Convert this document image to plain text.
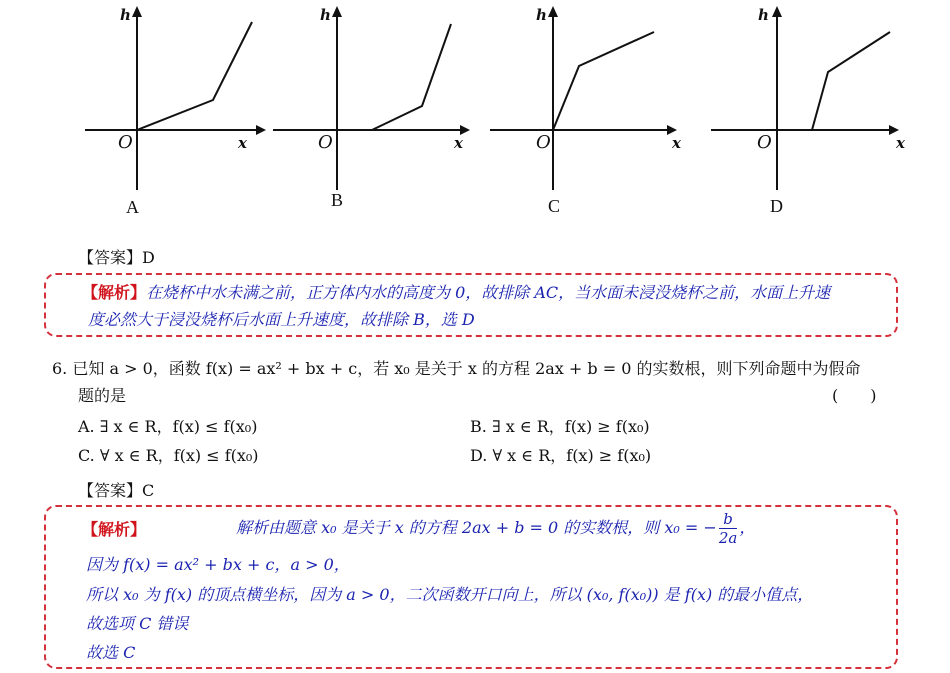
h
x
O
A
h
x
O
B
h
x
O
C
h
x
O
D
【答案】D
【解析】在烧杯中水未满之前，正方体内水的高度为 0，故排除 AC，当水面未浸没烧杯之前，水面上升速
度必然大于浸没烧杯后水面上升速度，故排除 B，选 D
6. 已知 a > 0，函数 f(x) = ax² + bx + c，若 x₀ 是关于 x 的方程 2ax + b = 0 的实数根，则下列命题中为假命
题的是	(　　)
A. ∃ x ∈ R，f(x) ≤ f(x₀)	B. ∃ x ∈ R，f(x) ≥ f(x₀)
C. ∀ x ∈ R，f(x) ≤ f(x₀)	D. ∀ x ∈ R，f(x) ≥ f(x₀)
【答案】C
【解析】	解析由题意 x₀ 是关于 x 的方程 2ax + b = 0 的实数根，则 x₀ = − $\frac{b}{2a}$ ，
因为 f(x) = ax² + bx + c，a > 0，
所以 x₀ 为 f(x) 的顶点横坐标，因为 a > 0，二次函数开口向上，所以 (x₀, f(x₀)) 是 f(x) 的最小值点，
故选项 C 错误
故选 C
